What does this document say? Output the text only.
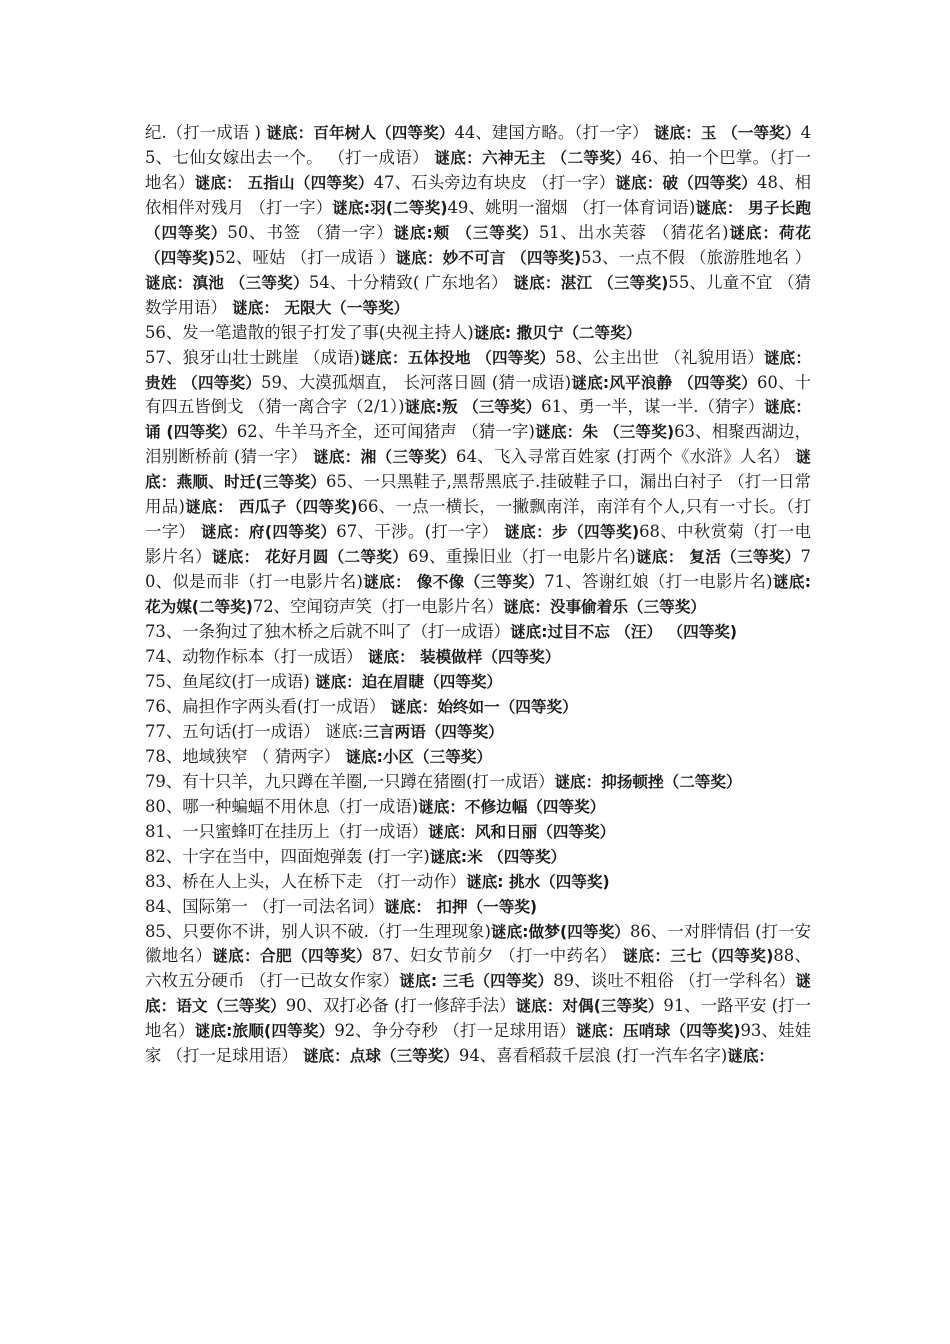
纪.（打一成语 ) 谜底：百年树人（四等奖）44、建国方略。（打一字） 谜底：玉 （一等奖）45、七仙女嫁出去一个。 （打一成语） 谜底：六神无主 （二等奖）46、拍一个巴掌。（打一地名）谜底： 五指山（四等奖）47、石头旁边有块皮 （打一字）谜底：破（四等奖）48、相依相伴对残月 （打一字）谜底:羽(二等奖)49、姚明一溜烟 （打一体育词语)谜底： 男子长跑 （四等奖）50、书签 （猜一字）谜底:颊 （三等奖）51、出水芙蓉 （猜花名)谜底：荷花 （四等奖)52、哑姑 （打一成语 ）谜底：妙不可言 （四等奖)53、一点不假 （旅游胜地名 ） 谜底：滇池 （三等奖）54、十分精致( 广东地名） 谜底：湛江 （三等奖)55、儿童不宜 （猜数学用语） 谜底： 无限大（一等奖）

56、发一笔遣散的银子打发了事(央视主持人)谜底: 撒贝宁（二等奖）

57、狼牙山壮士跳崖 （成语)谜底：五体投地 （四等奖）58、公主出世 （礼貌用语）谜底：贵姓 （四等奖）59、大漠孤烟直， 长河落日圆 (猜一成语)谜底:风平浪静 （四等奖）60、十有四五皆倒戈 （猜一离合字（2/1）)谜底:叛 （三等奖）61、勇一半，谋一半.（猜字）谜底：诵 (四等奖）62、牛羊马齐全，还可闻猪声 （猜一字)谜底：朱 （三等奖)63、相聚西湖边，泪别断桥前 (猜一字） 谜底：湘（三等奖）64、飞入寻常百姓家 (打两个《水浒》人名） 谜底：燕顺、时迁(三等奖）65、一只黑鞋子,黑帮黑底子.挂破鞋子口，漏出白衬子 （打一日常用品)谜底： 西瓜子（四等奖)66、一点一横长，一撇飘南洋，南洋有个人,只有一寸长。（打一字） 谜底：府(四等奖）67、干涉。(打一字） 谜底：步（四等奖)68、中秋赏菊（打一电影片名）谜底： 花好月圆（二等奖）69、重操旧业（打一电影片名)谜底： 复活（三等奖）70、似是而非（打一电影片名)谜底： 像不像（三等奖）71、答谢红娘（打一电影片名)谜底: 花为媒(二等奖)72、空闻窃声笑（打一电影片名）谜底：没事偷着乐（三等奖）

73、一条狗过了独木桥之后就不叫了（打一成语）谜底:过目不忘 （汪） （四等奖)

74、动物作标本（打一成语） 谜底： 装模做样（四等奖）

75、鱼尾纹(打一成语) 谜底：迫在眉睫（四等奖）

76、扁担作字两头看(打一成语） 谜底：始终如一（四等奖）

77、五句话(打一成语） 谜底:三言两语（四等奖）

78、地域狭窄 （ 猜两字） 谜底:小区（三等奖）

79、有十只羊，九只蹲在羊圈,一只蹲在猪圈(打一成语）谜底：抑扬顿挫（二等奖）

80、哪一种蝙蝠不用休息（打一成语)谜底：不修边幅（四等奖）

81、一只蜜蜂叮在挂历上（打一成语）谜底：风和日丽（四等奖）

82、十字在当中，四面炮弹轰 (打一字)谜底:米 （四等奖）

83、桥在人上头，人在桥下走 （打一动作）谜底: 挑水（四等奖)

84、国际第一 （打一司法名词）谜底： 扣押（一等奖)

85、只要你不讲，别人识不破.（打一生理现象)谜底:做梦(四等奖）86、一对胖情侣 (打一安徽地名）谜底：合肥（四等奖）87、妇女节前夕 （打一中药名） 谜底：三七（四等奖)88、六枚五分硬币 （打一已故女作家）谜底: 三毛（四等奖）89、谈吐不粗俗 （打一学科名）谜底：语文（三等奖）90、双打必备 (打一修辞手法）谜底：对偶(三等奖）91、一路平安 (打一地名）谜底:旅顺(四等奖）92、争分夺秒 （打一足球用语）谜底：压哨球（四等奖)93、娃娃家 （打一足球用语） 谜底：点球（三等奖）94、喜看稻菽千层浪 (打一汽车名字)谜底：
